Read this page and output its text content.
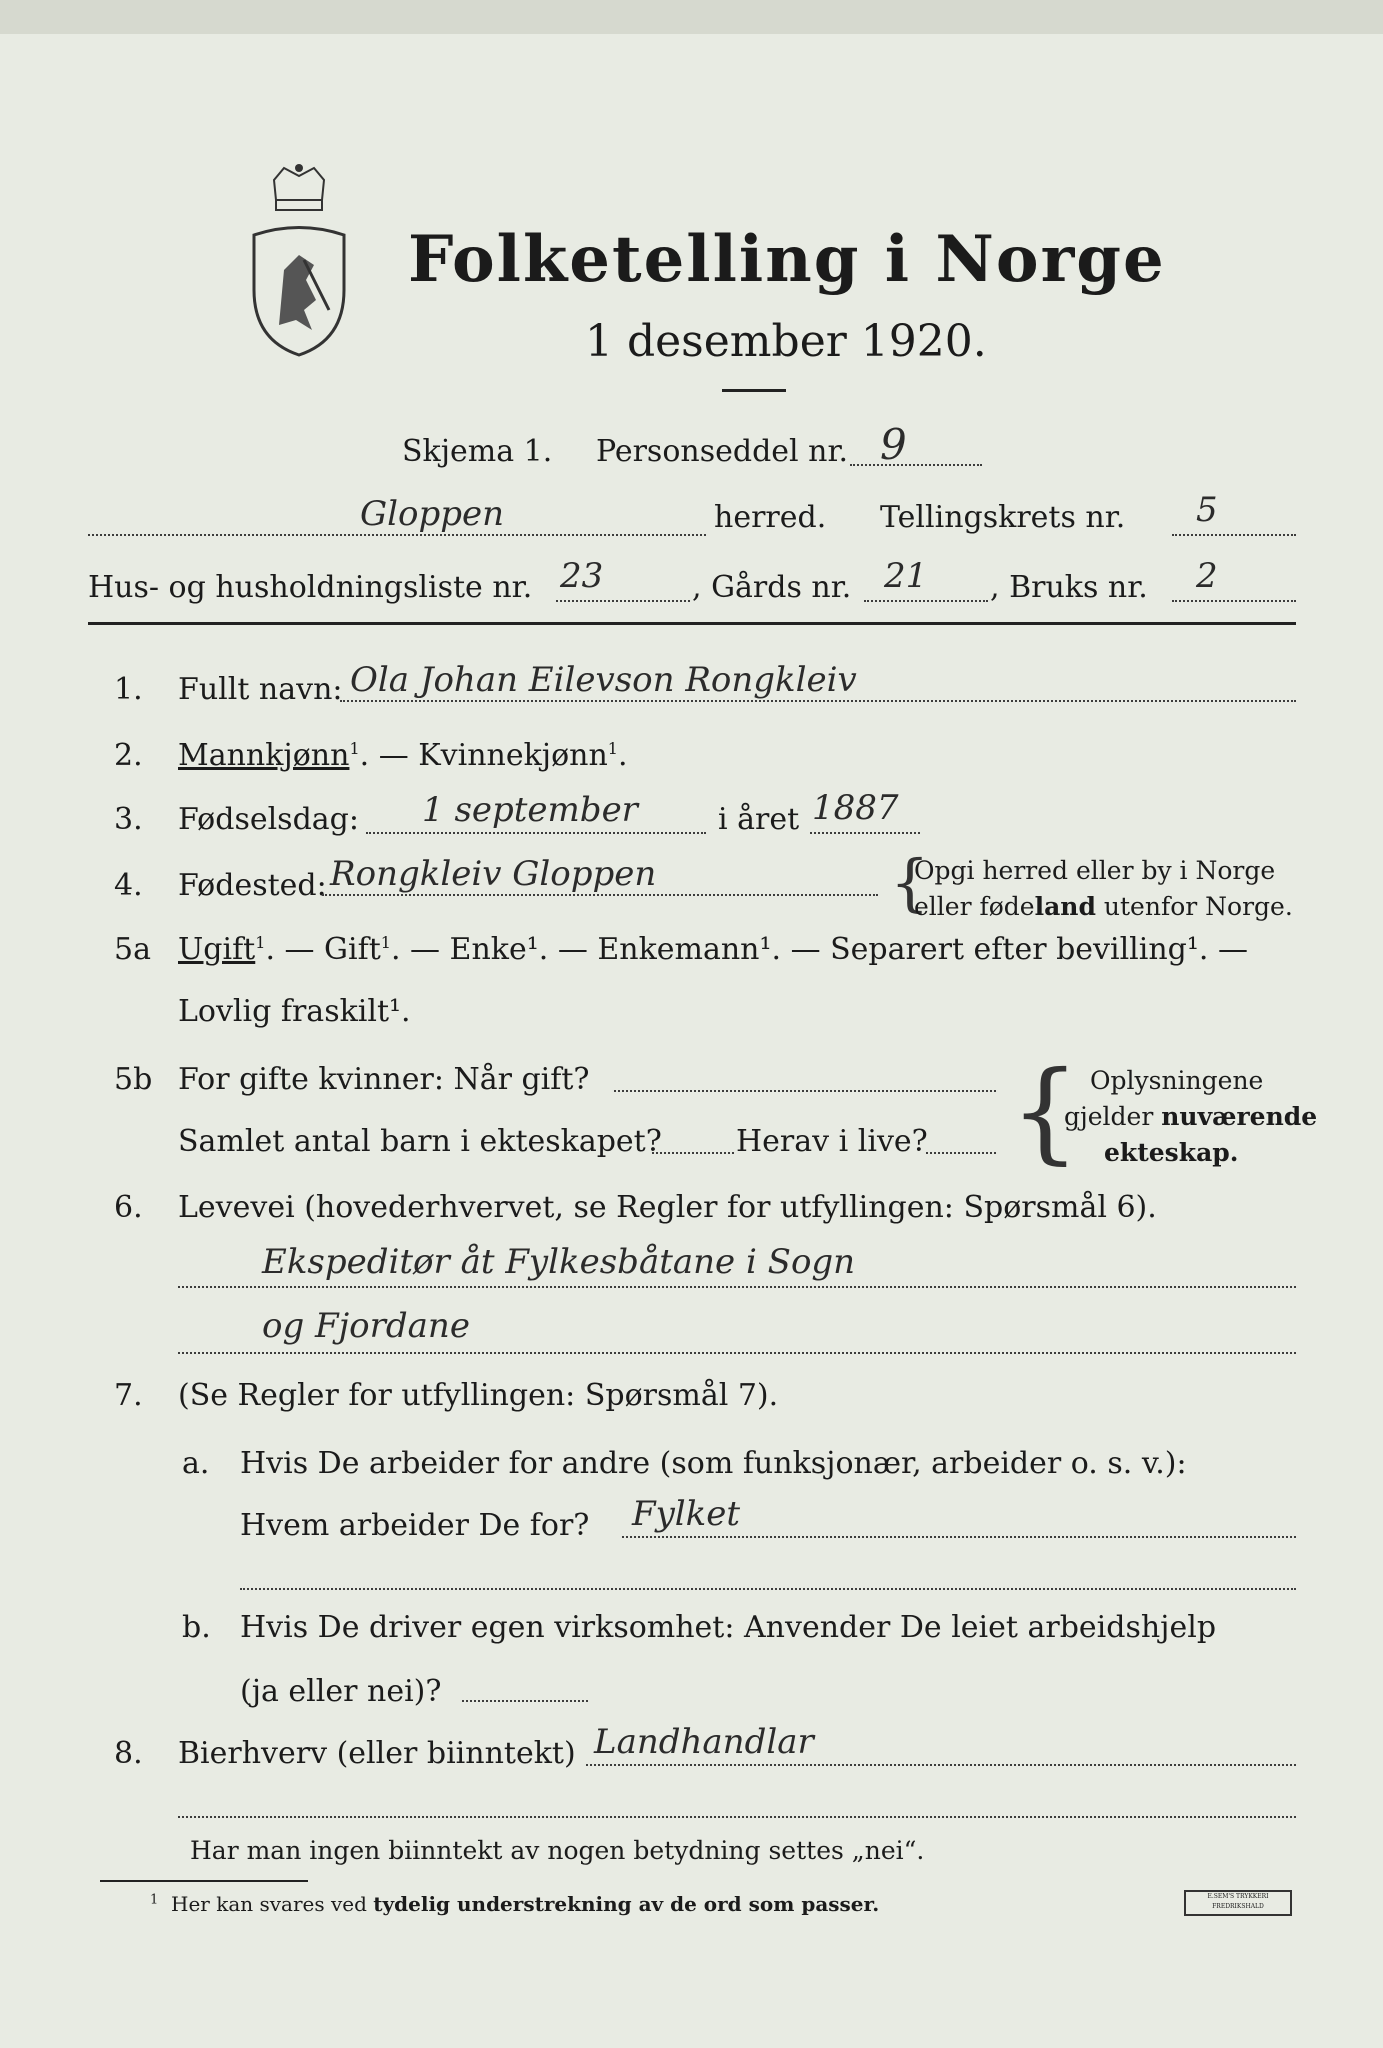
Folketelling i Norge
1 desember 1920.
Skjema 1. Personseddel nr. 9
Gloppen	herred. Tellingskrets nr. 5
Hus- og husholdningsliste nr. 23	, Gårds nr. 21 , Bruks nr. 2
1. Fullt navn: Ola Johan Eilevson Rongkleiv
2. Mannkjønn$^1$. — Kvinnekjønn$^1$.
3. Fødselsdag: 1 september	i året 1887
4. Fødested: Rongkleiv Gloppen	{
Opgi herred eller by i Norge
eller fødeland utenfor Norge.
5a Ugift$^1$. — Gift$^1$. — Enke¹. — Enkemann¹. — Separert efter bevilling¹. —
Lovlig fraskilt¹.
5b For gifte kvinner: Når gift?
Samlet antal barn i ekteskapet? Herav i live? { Oplysningene
gjelder nuværende
ekteskap.
6. Levevei (hovederhvervet, se Regler for utfyllingen: Spørsmål 6).
Ekspeditør åt Fylkesbåtane i Sogn
og Fjordane
7. (Se Regler for utfyllingen: Spørsmål 7).
a. Hvis De arbeider for andre (som funksjonær, arbeider o. s. v.):
Hvem arbeider De for? Fylket
b. Hvis De driver egen virksomhet: Anvender De leiet arbeidshjelp
(ja eller nei)?
8. Bierhverv (eller biinntekt) Landhandlar
Har man ingen biinntekt av nogen betydning settes „nei“.
$^1$ Her kan svares ved tydelig understrekning av de ord som passer.	E.SEM'S TRYKKERI FREDRIKSHALD
